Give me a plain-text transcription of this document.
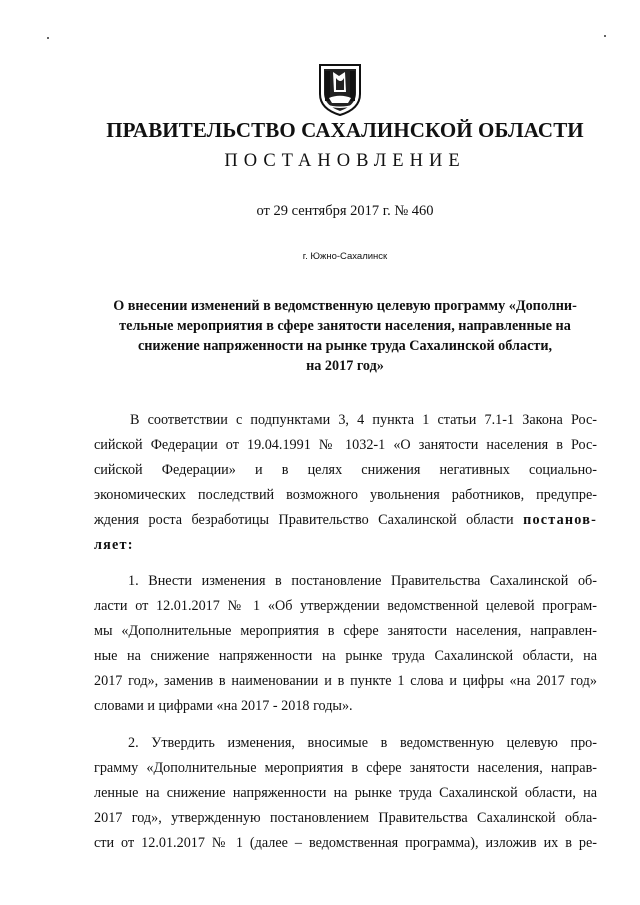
ПРАВИТЕЛЬСТВО САХАЛИНСКОЙ ОБЛАСТИ
ПОСТАНОВЛЕНИЕ
от 29 сентября 2017 г. № 460
г. Южно-Сахалинск
О внесении изменений в ведомственную целевую программу «Дополни-
тельные мероприятия в сфере занятости населения, направленные на
снижение напряженности на рынке труда Сахалинской области,
на 2017 год»
В соответствии с подпунктами 3, 4 пункта 1 статьи 7.1-1 Закона Рос-
сийской Федерации от 19.04.1991 № 1032-1 «О занятости населения в Рос-
сийской Федерации» и в целях снижения негативных социально-
экономических последствий возможного увольнения работников, предупре-
ждения роста безработицы Правительство Сахалинской области постанов-
ляет:
1. Внести изменения в постановление Правительства Сахалинской об-
ласти от 12.01.2017 № 1 «Об утверждении ведомственной целевой програм-
мы «Дополнительные мероприятия в сфере занятости населения, направлен-
ные на снижение напряженности на рынке труда Сахалинской области, на
2017 год», заменив в наименовании и в пункте 1 слова и цифры «на 2017 год»
словами и цифрами «на 2017 - 2018 годы».
2. Утвердить изменения, вносимые в ведомственную целевую про-
грамму «Дополнительные мероприятия в сфере занятости населения, направ-
ленные на снижение напряженности на рынке труда Сахалинской области, на
2017 год», утвержденную постановлением Правительства Сахалинской обла-
сти от 12.01.2017 № 1 (далее – ведомственная программа), изложив их в ре-
